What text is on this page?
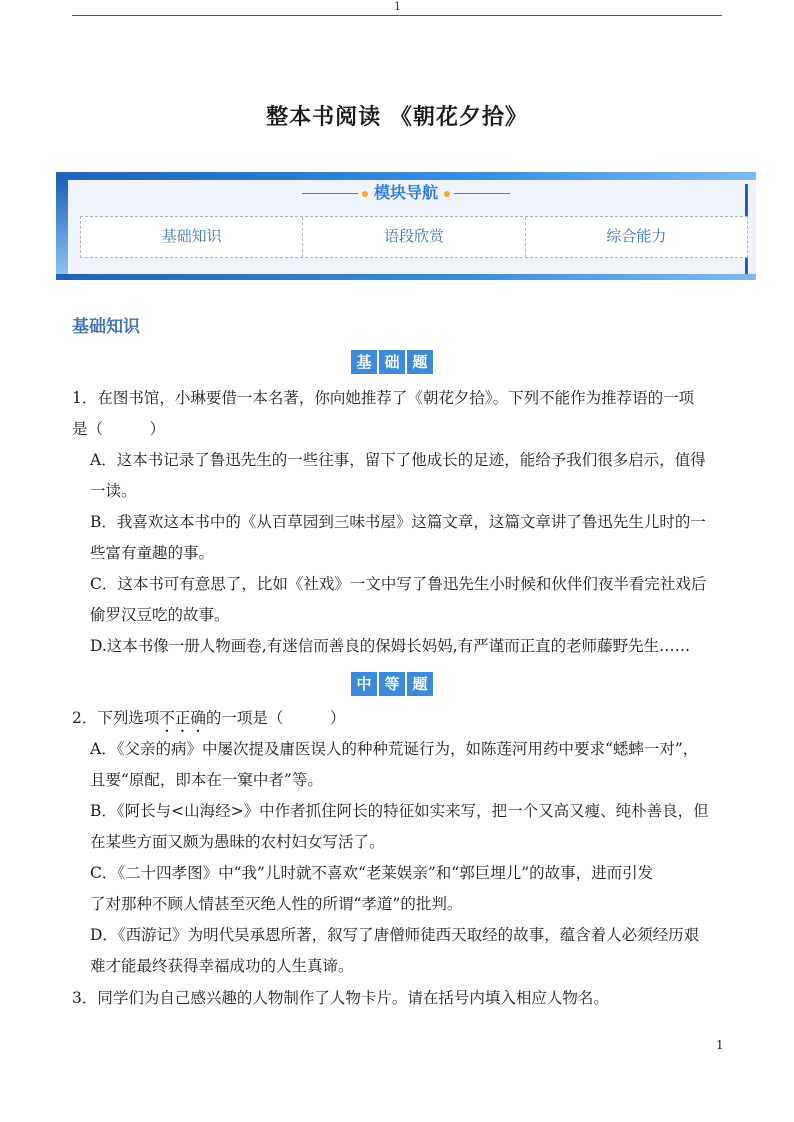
1
整本书阅读 《朝花夕拾》
模块导航
基础知识	语段欣赏	综合能力
基础知识
基 础 题
1．在图书馆，小琳要借一本名著，你向她推荐了《朝花夕拾》。下列不能作为推荐语的一项
是（　　　）
A．这本书记录了鲁迅先生的一些往事，留下了他成长的足迹，能给予我们很多启示，值得
一读。
B．我喜欢这本书中的《从百草园到三味书屋》这篇文章，这篇文章讲了鲁迅先生儿时的一
些富有童趣的事。
C．这本书可有意思了，比如《社戏》一文中写了鲁迅先生小时候和伙伴们夜半看完社戏后
偷罗汉豆吃的故事。
D.这本书像一册人物画卷,有迷信而善良的保姆长妈妈,有严谨而正直的老师藤野先生……
中 等 题
2．下列选项不正确的一项是（　　　）
A．《父亲的病》中屡次提及庸医误人的种种荒诞行为，如陈莲河用药中要求“蟋蟀一对”，
且要“原配，即本在一窠中者”等。
B．《阿长与<山海经>》中作者抓住阿长的特征如实来写，把一个又高又瘦、纯朴善良，但
在某些方面又颇为愚昧的农村妇女写活了。
C．《二十四孝图》中“我”儿时就不喜欢“老莱娱亲”和“郭巨埋儿”的故事，进而引发
了对那种不顾人情甚至灭绝人性的所谓“孝道”的批判。
D．《西游记》为明代吴承恩所著，叙写了唐僧师徒西天取经的故事，蕴含着人必须经历艰
难才能最终获得幸福成功的人生真谛。
3．同学们为自己感兴趣的人物制作了人物卡片。请在括号内填入相应人物名。
1
